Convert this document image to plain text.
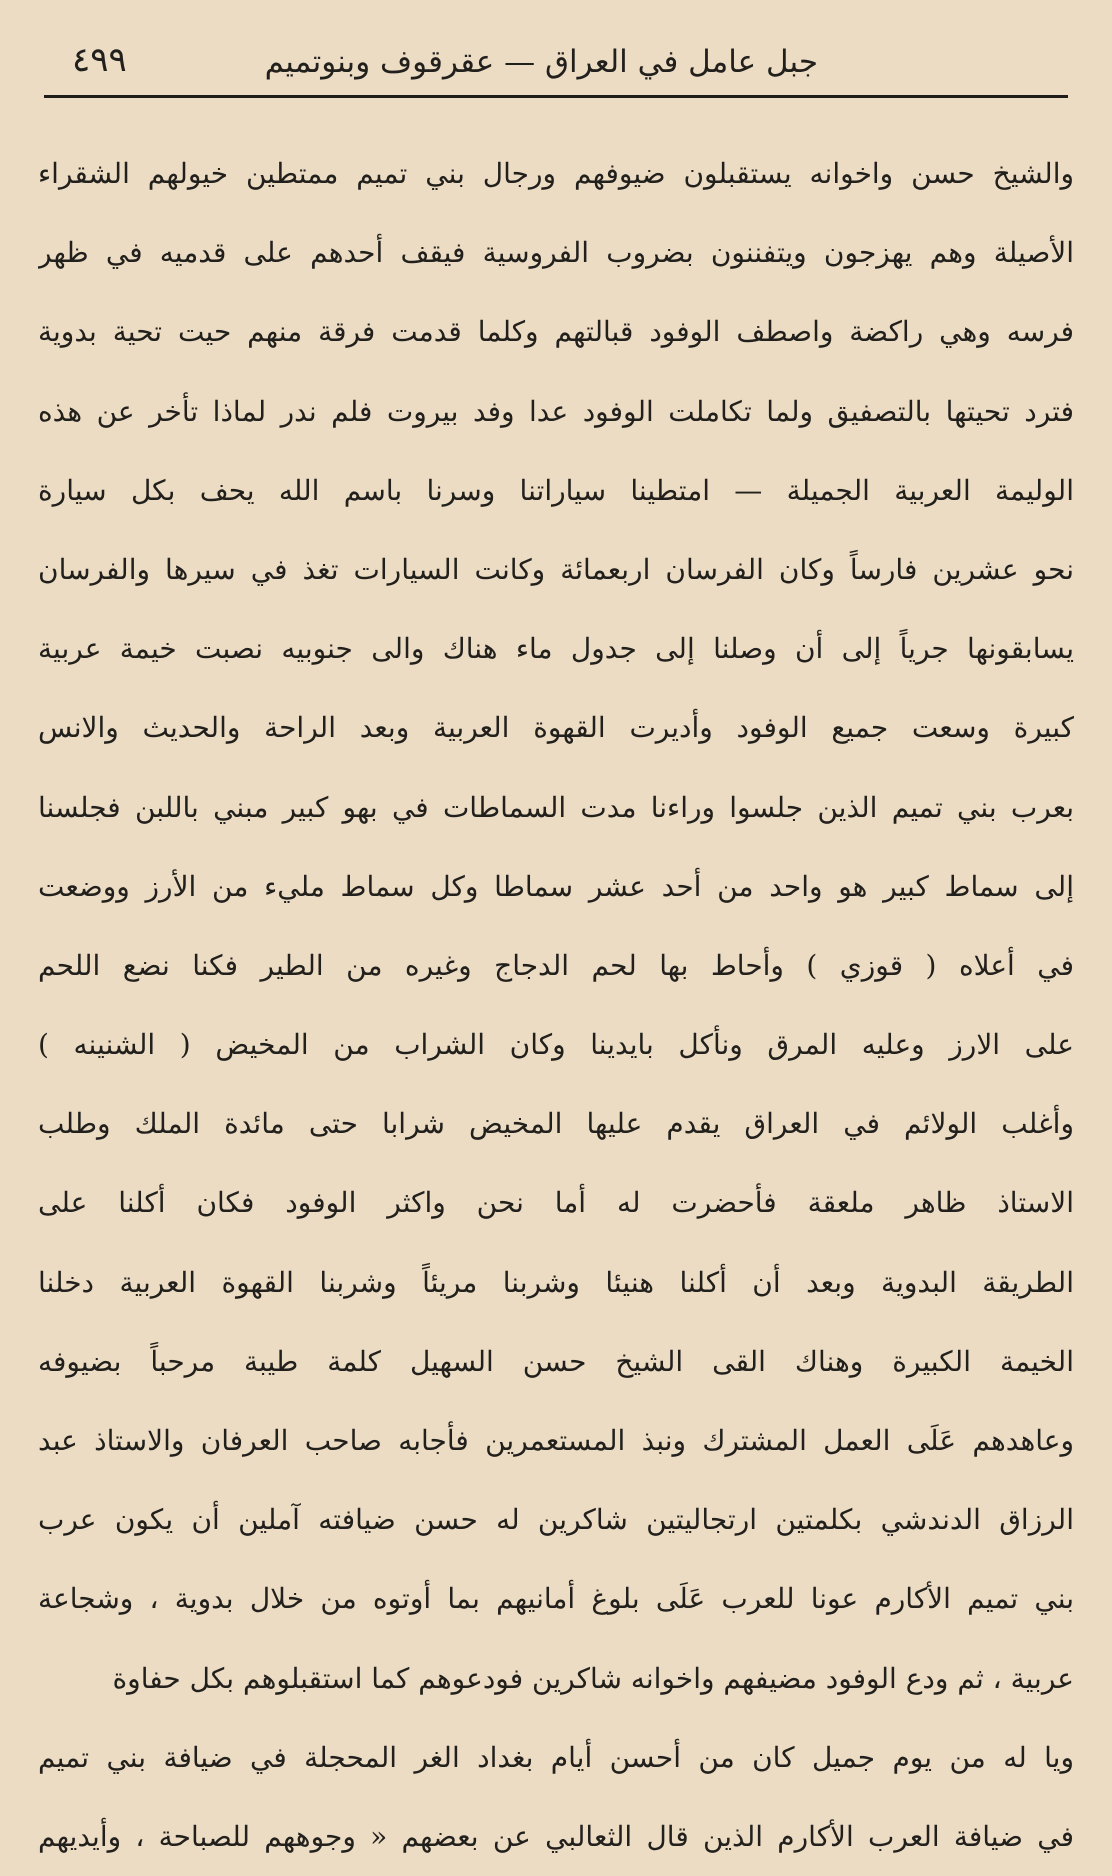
٤٩٩	جبل عامل في العراق — عقرقوف وبنوتميم
والشيخ حسن واخوانه يستقبلون ضيوفهم ورجال بني تميم ممتطين خيولهم الشقراء
الأصيلة وهم يهزجون ويتفننون بضروب الفروسية فيقف أحدهم على قدميه في ظهر
فرسه وهي راكضة واصطف الوفود قبالتهم وكلما قدمت فرقة منهم حيت تحية بدوية
فترد تحيتها بالتصفيق ولما تكاملت الوفود عدا وفد بيروت فلم ندر لماذا تأخر عن هذه
الوليمة العربية الجميلة — امتطينا سياراتنا وسرنا باسم الله يحف بكل سيارة
نحو عشرين فارساً وكان الفرسان اربعمائة وكانت السيارات تغذ في سيرها والفرسان
يسابقونها جرياً إلى أن وصلنا إلى جدول ماء هناك والى جنوبيه نصبت خيمة عربية
كبيرة وسعت جميع الوفود وأديرت القهوة العربية وبعد الراحة والحديث والانس
بعرب بني تميم الذين جلسوا وراءنا مدت السماطات في بهو كبير مبني باللبن فجلسنا
إلى سماط كبير هو واحد من أحد عشر سماطا وكل سماط مليء من الأرز ووضعت
في أعلاه ( قوزي ) وأحاط بها لحم الدجاج وغيره من الطير فكنا نضع اللحم
على الارز وعليه المرق ونأكل بايدينا وكان الشراب من المخيض ( الشنينه )
وأغلب الولائم في العراق يقدم عليها المخيض شرابا حتى مائدة الملك وطلب
الاستاذ ظاهر ملعقة فأحضرت له أما نحن واكثر الوفود فكان أكلنا على
الطريقة البدوية وبعد أن أكلنا هنيئا وشربنا مريئاً وشربنا القهوة العربية دخلنا
الخيمة الكبيرة وهناك القى الشيخ حسن السهيل كلمة طيبة مرحباً بضيوفه
وعاهدهم عَلَى العمل المشترك ونبذ المستعمرين فأجابه صاحب العرفان والاستاذ عبد
الرزاق الدندشي بكلمتين ارتجاليتين شاكرين له حسن ضيافته آملين أن يكون عرب
بني تميم الأكارم عونا للعرب عَلَى بلوغ أمانيهم بما أوتوه من خلال بدوية ، وشجاعة
عربية ، ثم ودع الوفود مضيفهم واخوانه شاكرين فودعوهم كما استقبلوهم بكل حفاوة
ويا له من يوم جميل كان من أحسن أيام بغداد الغر المحجلة في ضيافة بني تميم
في ضيافة العرب الأكارم الذين قال الثعالبي عن بعضهم « وجوههم للصباحة ، وأيديهم
